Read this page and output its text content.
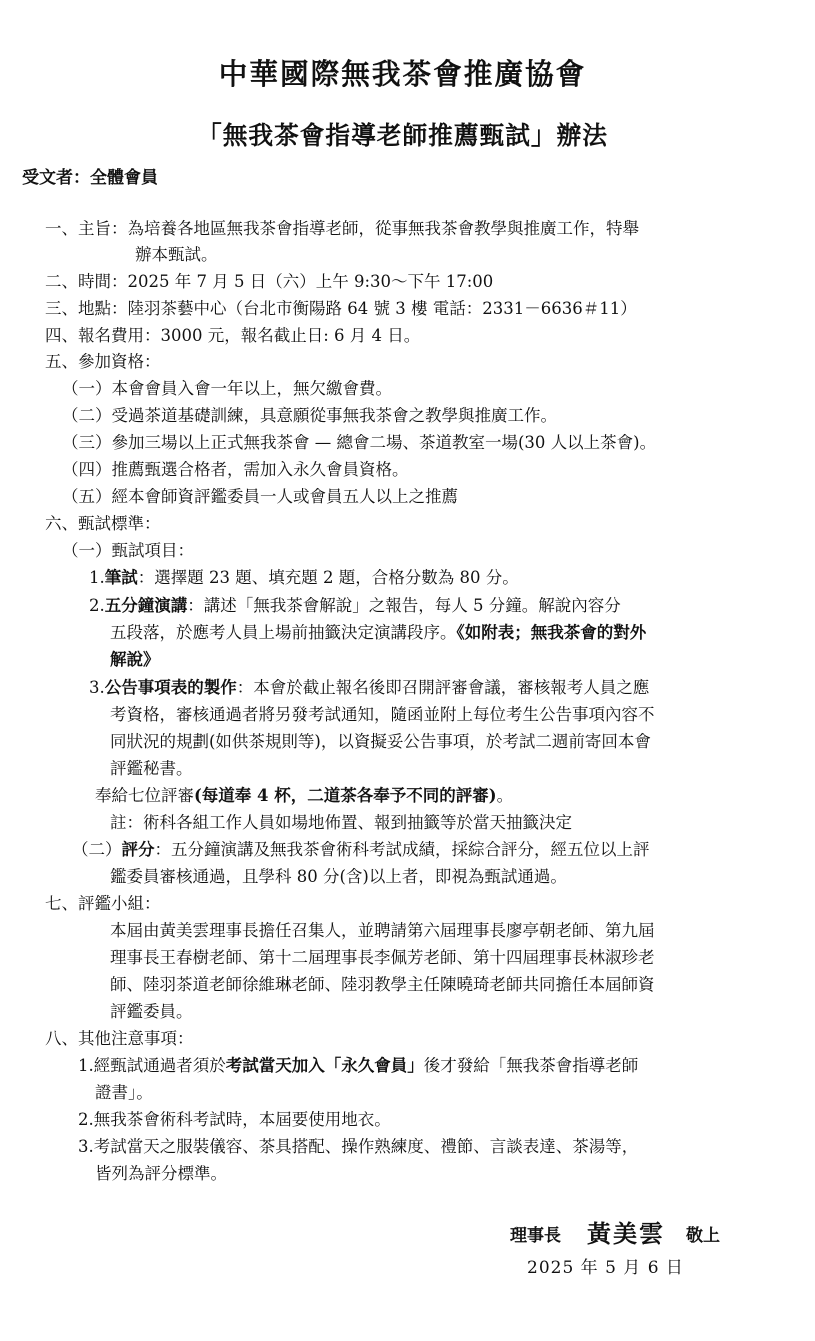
中華國際無我茶會推廣協會
「無我茶會指導老師推薦甄試」辦法
受文者：全體會員
一、主旨：為培養各地區無我茶會指導老師，從事無我茶會教學與推廣工作，特舉
辦本甄試。
二、時間：2025 年 7 月 5 日（六）上午 9:30～下午 17:00
三、地點：陸羽茶藝中心（台北市衡陽路 64 號 3 樓 電話：2331－6636＃11）
四、報名費用：3000 元，報名截止日: 6 月 4 日。
五、參加資格：
（一）本會會員入會一年以上，無欠繳會費。
（二）受過茶道基礎訓練，具意願從事無我茶會之教學與推廣工作。
（三）參加三場以上正式無我茶會 — 總會二場、茶道教室一場(30 人以上茶會)。
（四）推薦甄選合格者，需加入永久會員資格。
（五）經本會師資評鑑委員一人或會員五人以上之推薦
六、甄試標準：
（一）甄試項目：
1.筆試：選擇題 23 題、填充題 2 題，合格分數為 80 分。
2.五分鐘演講：講述「無我茶會解說」之報告，每人 5 分鐘。解說內容分
五段落，於應考人員上場前抽籤決定演講段序。《如附表；無我茶會的對外
解說》
3.公告事項表的製作：本會於截止報名後即召開評審會議，審核報考人員之應
考資格，審核通過者將另發考試通知，隨函並附上每位考生公告事項內容不
同狀況的規劃(如供茶規則等)，以資擬妥公告事項，於考試二週前寄回本會
評鑑秘書。
奉給七位評審(每道奉 4 杯，二道茶各奉予不同的評審)。
註：術科各組工作人員如場地佈置、報到抽籤等於當天抽籤決定
（二）評分：五分鐘演講及無我茶會術科考試成績，採綜合評分，經五位以上評
鑑委員審核通過，且學科 80 分(含)以上者，即視為甄試通過。
七、評鑑小組：
本屆由黃美雲理事長擔任召集人，並聘請第六屆理事長廖亭朝老師、第九屆
理事長王春樹老師、第十二屆理事長李佩芳老師、第十四屆理事長林淑珍老
師、陸羽茶道老師徐維琳老師、陸羽教學主任陳曉琦老師共同擔任本屆師資
評鑑委員。
八、其他注意事項：
1.經甄試通過者須於考試當天加入「永久會員」後才發給「無我茶會指導老師
證書」。
2.無我茶會術科考試時，本屆要使用地衣。
3.考試當天之服裝儀容、茶具搭配、操作熟練度、禮節、言談表達、茶湯等，
皆列為評分標準。
理事長 黃美雲 敬上
2025 年 5 月 6 日
